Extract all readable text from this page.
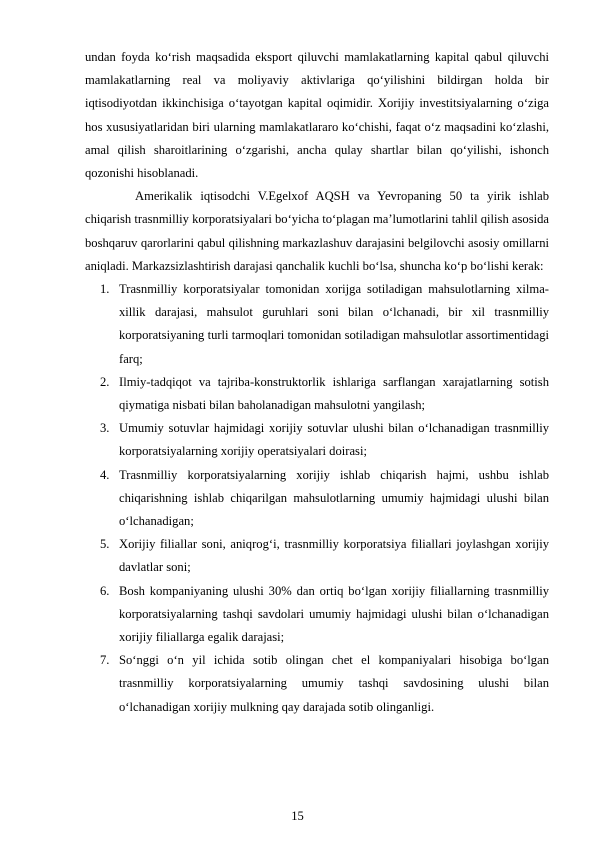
undan foyda ko‘rish maqsadida eksport qiluvchi mamlakatlarning kapital qabul qiluvchi mamlakatlarning real va moliyaviy aktivlariga qo‘yilishini bildirgan holda bir iqtisodiyotdan ikkinchisiga o‘tayotgan kapital oqimidir. Xorijiy investitsiyalarning o‘ziga hos xususiyatlaridan biri ularning mamlakatlararo ko‘chishi, faqat o‘z maqsadini ko‘zlashi, amal qilish sharoitlarining o‘zgarishi, ancha qulay shartlar bilan qo‘yilishi, ishonch qozonishi hisoblanadi.

Amerikalik iqtisodchi V.Egelxof AQSH va Yevropaning 50 ta yirik ishlab chiqarish trasnmilliy korporatsiyalari bo‘yicha to‘plagan ma’lumotlarini tahlil qilish asosida boshqaruv qarorlarini qabul qilishning markazlashuv darajasini belgilovchi asosiy omillarni aniqladi. Markazsizlashtirish darajasi qanchalik kuchli bo‘lsa, shuncha ko‘p bo‘lishi kerak:

1. Trasnmilliy korporatsiyalar tomonidan xorijga sotiladigan mahsulotlarning xilma-xillik darajasi, mahsulot guruhlari soni bilan o‘lchanadi, bir xil trasnmilliy korporatsiyaning turli tarmoqlari tomonidan sotiladigan mahsulotlar assortimentidagi farq;
2. Ilmiy-tadqiqot va tajriba-konstruktorlik ishlariga sarflangan xarajatlarning sotish qiymatiga nisbati bilan baholanadigan mahsulotni yangilash;
3. Umumiy sotuvlar hajmidagi xorijiy sotuvlar ulushi bilan o‘lchanadigan trasnmilliy korporatsiyalarning xorijiy operatsiyalari doirasi;
4. Trasnmilliy korporatsiyalarning xorijiy ishlab chiqarish hajmi, ushbu ishlab chiqarishning ishlab chiqarilgan mahsulotlarning umumiy hajmidagi ulushi bilan o‘lchanadigan;
5. Xorijiy filiallar soni, aniqrog‘i, trasnmilliy korporatsiya filiallari joylashgan xorijiy davlatlar soni;
6. Bosh kompaniyaning ulushi 30% dan ortiq bo‘lgan xorijiy filiallarning trasnmilliy korporatsiyalarning tashqi savdolari umumiy hajmidagi ulushi bilan o‘lchanadigan xorijiy filiallarga egalik darajasi;
7. So‘nggi o‘n yil ichida sotib olingan chet el kompaniyalari hisobiga bo‘lgan trasnmilliy korporatsiyalarning umumiy tashqi savdosining ulushi bilan o‘lchanadigan xorijiy mulkning qay darajada sotib olinganligi.
15
